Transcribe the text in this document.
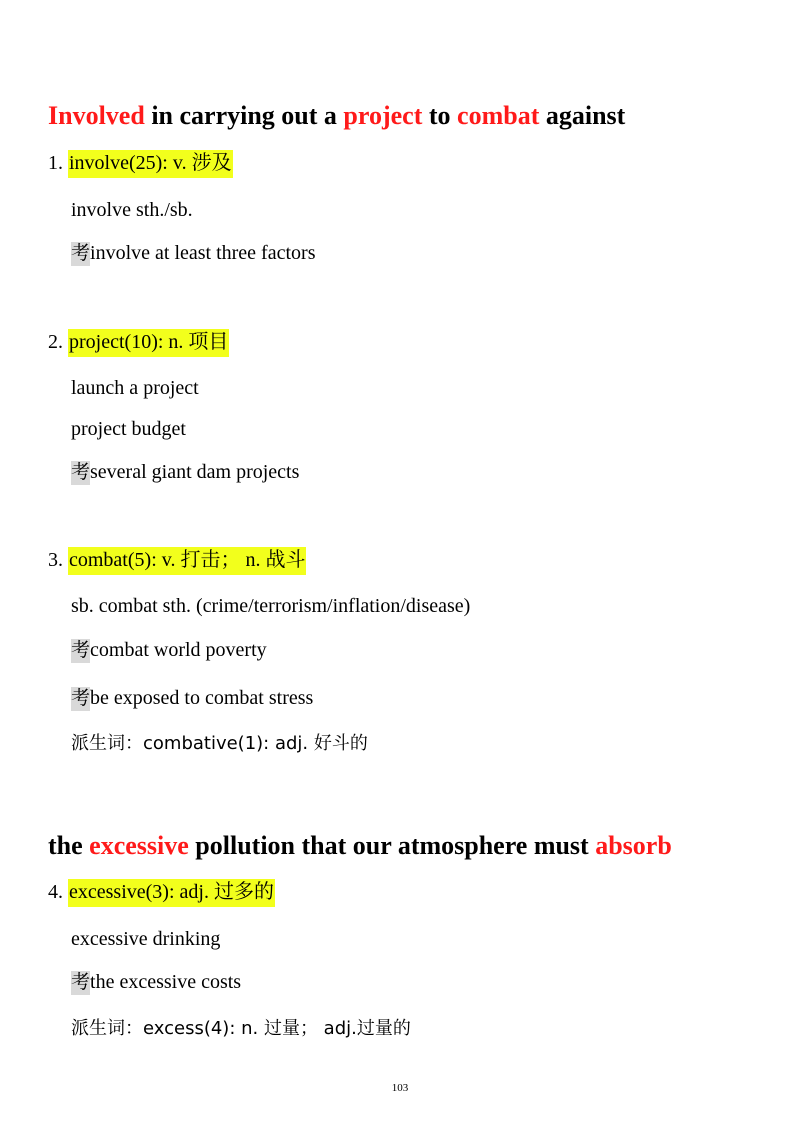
Involved in carrying out a project to combat against
1. involve(25): v. 涉及
involve sth./sb.
考involve at least three factors
2. project(10): n. 项目
launch a project
project budget
考several giant dam projects
3. combat(5): v. 打击； n. 战斗
sb. combat sth. (crime/terrorism/inflation/disease)
考combat world poverty
考be exposed to combat stress
派生词：combative(1): adj. 好斗的
the excessive pollution that our atmosphere must absorb
4. excessive(3): adj. 过多的
excessive drinking
考the excessive costs
派生词：excess(4): n. 过量； adj.过量的
103
